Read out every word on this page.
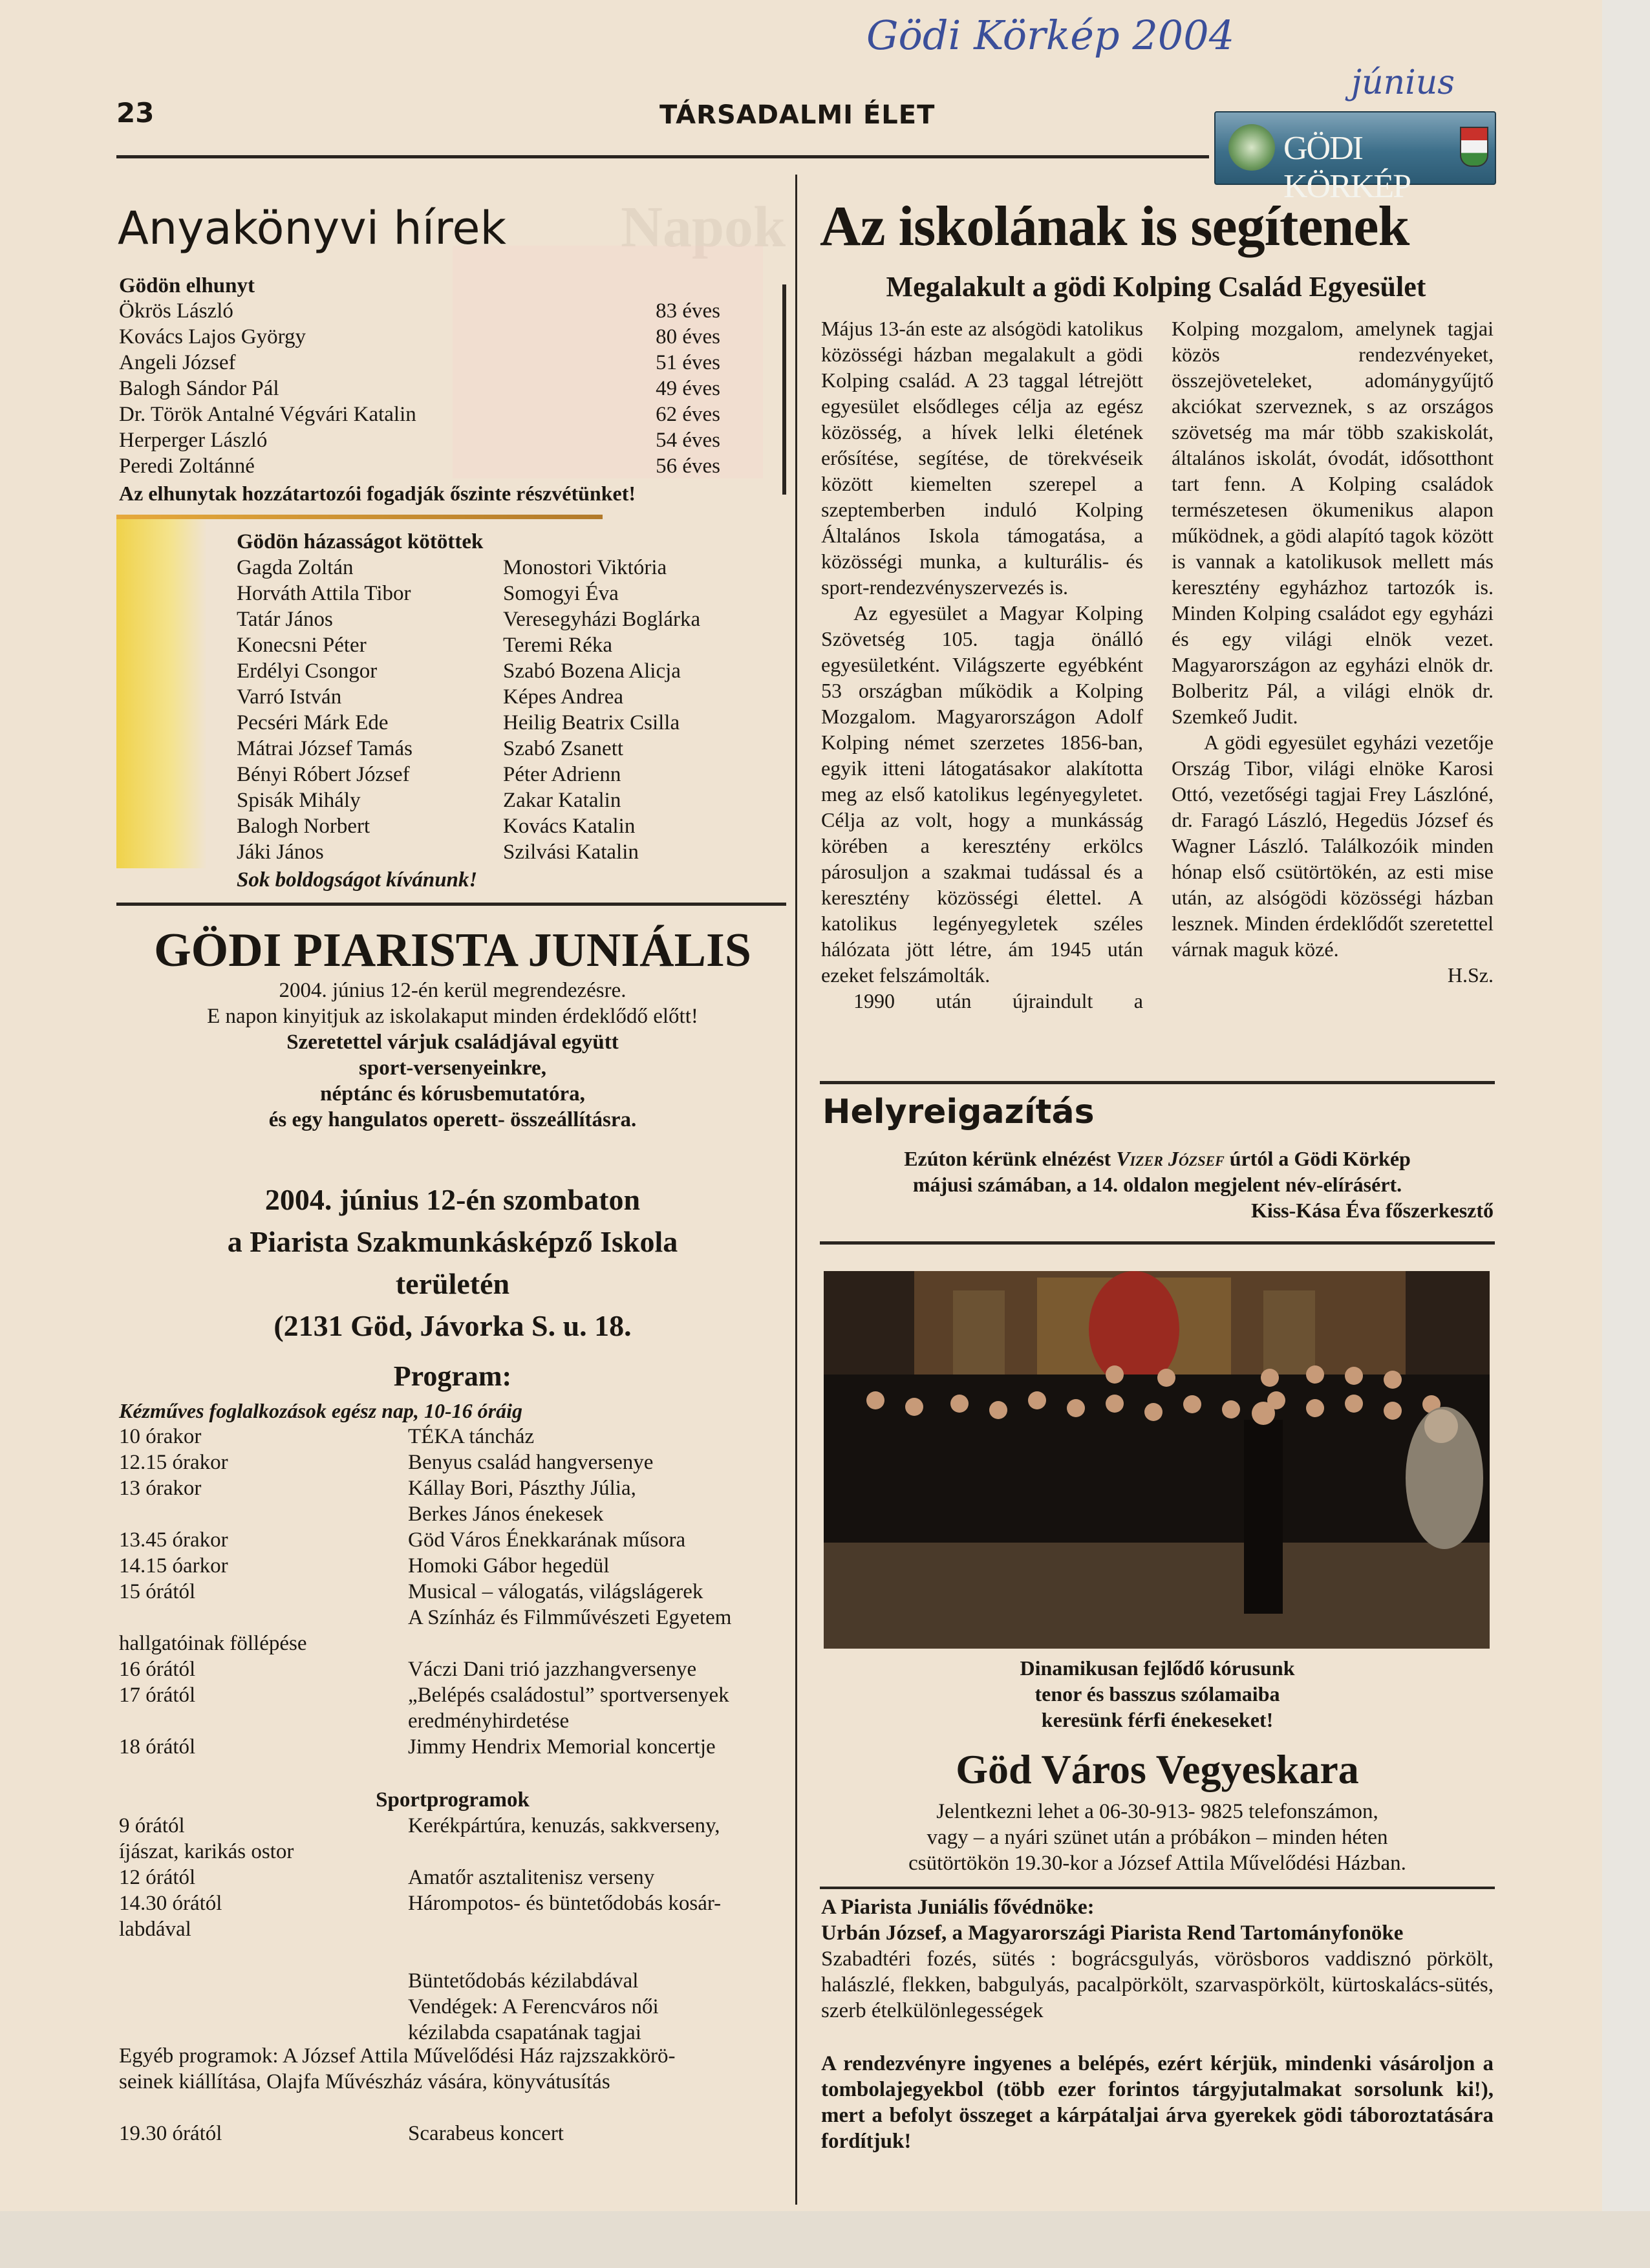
Napok
Gödi Körkép 2004
június
23	TÁRSADALMI ÉLET
GÖDI KÖRKÉP
Anyakönyvi hírek
Gödön elhunyt
Ökrös László	83 éves
Kovács Lajos György	80 éves
Angeli József	51 éves
Balogh Sándor Pál	49 éves
Dr. Török Antalné Végvári Katalin	62 éves
Herperger László	54 éves
Peredi Zoltánné	56 éves
Az elhunytak hozzátartozói fogadják őszinte részvétünket!
Gödön házasságot kötöttek
Gagda Zoltán	Monostori Viktória
Horváth Attila Tibor	Somogyi Éva
Tatár János	Veresegyházi Boglárka
Konecsni Péter	Teremi Réka
Erdélyi Csongor	Szabó Bozena Alicja
Varró István	Képes Andrea
Pecséri Márk Ede	Heilig Beatrix Csilla
Mátrai József Tamás	Szabó Zsanett
Bényi Róbert József	Péter Adrienn
Spisák Mihály	Zakar Katalin
Balogh Norbert	Kovács Katalin
Jáki János	Szilvási Katalin
Sok boldogságot kívánunk!
GÖDI PIARISTA JUNIÁLIS
2004. június 12-én kerül megrendezésre.
E napon kinyitjuk az iskolakaput minden érdeklődő előtt!
Szeretettel várjuk családjával együtt
sport-versenyeinkre,
néptánc és kórusbemutatóra,
és egy hangulatos operett- összeállításra.
2004. június 12-én szombaton
a Piarista Szakmunkásképző Iskola
területén
(2131 Göd, Jávorka S. u. 18.
Program:
Kézműves foglalkozások egész nap, 10-16 óráig
10 órakor	TÉKA táncház
12.15 órakor	Benyus család hangversenye
13 órakor	Kállay Bori, Pászthy Júlia,
Berkes János énekesek
13.45 órakor	Göd Város Énekkarának műsora
14.15 óarkor	Homoki Gábor hegedül
15 órától	Musical – válogatás, világslágerek
A Színház és Filmművészeti Egyetem
hallgatóinak föllépése
16 órától	Váczi Dani trió jazzhangversenye
17 órától	„Belépés családostul” sportversenyek
eredményhirdetése
18 órától	Jimmy Hendrix Memorial koncertje
Sportprogramok
9 órától	Kerékpártúra, kenuzás, sakkverseny,
íjászat, karikás ostor
12 órától	Amatőr asztalitenisz verseny
14.30 órától	Hárompotos- és büntetődobás kosár-
labdával
Büntetődobás kézilabdával
Vendégek: A Ferencváros női
kézilabda csapatának tagjai
Egyéb programok: A József Attila Művelődési Ház rajzszakkörö-
seinek kiállítása, Olajfa Művészház vására, könyvátusítás
19.30 órától	Scarabeus koncert
Az iskolának is segítenek
Megalakult a gödi Kolping Család Egyesület

Május 13-án este az alsógödi katolikus közösségi házban megalakult a gödi Kolping család. A 23 taggal létrejött egyesület elsődleges célja az egész közösség, a hívek lelki életének erősítése, segítése, de törekvéseik között kiemelten szerepel a szeptemberben induló Kolping Általános Iskola támogatása, a közösségi munka, a kulturális- és sport-rendezvényszervezés is.

Az egyesület a Magyar Kolping Szövetség 105. tagja önálló egyesületként. Világszerte egyébként 53 országban működik a Kolping Mozgalom. Magyarországon Adolf Kolping német szerzetes 1856-ban, egyik itteni látogatásakor alakította meg az első katolikus legényegyletet. Célja az volt, hogy a munkásság körében a keresztény erkölcs párosuljon a szakmai tudással és a keresztény közösségi élettel. A katolikus legényegyletek széles hálózata jött létre, ám 1945 után ezeket felszámolták.

1990 után újraindult a

Kolping mozgalom, amelynek tagjai közös rendezvényeket, összejöveteleket, adománygyűjtő akciókat szerveznek, s az országos szövetség ma már több szakiskolát, általános iskolát, óvodát, idősotthont tart fenn. A Kolping családok természetesen ökumenikus alapon működnek, a gödi alapító tagok között is vannak a katolikusok mellett más keresztény egyházhoz tartozók is. Minden Kolping családot egy egyházi és egy világi elnök vezet. Magyarországon az egyházi elnök dr. Bolberitz Pál, a világi elnök dr. Szemkeő Judit.

A gödi egyesület egyházi vezetője Ország Tibor, világi elnöke Karosi Ottó, vezetőségi tagjai Frey Lászlóné, dr. Faragó László, Hegedüs József és Wagner László. Találkozóik minden hónap első csütörtökén, az esti mise után, az alsógödi közösségi házban lesznek. Minden érdeklődőt szeretettel várnak maguk közé.

H.Sz.

Helyreigazítás
Ezúton kérünk elnézést Vizer József úrtól a Gödi Körkép
májusi számában, a 14. oldalon megjelent név-elírásért.
Kiss-Kása Éva főszerkesztő
Dinamikusan fejlődő kórusunk
tenor és basszus szólamaiba
keresünk férfi énekeseket!
Göd Város Vegyeskara
Jelentkezni lehet a 06-30-913- 9825 telefonszámon,
vagy – a nyári szünet után a próbákon – minden héten
csütörtökön 19.30-kor a József Attila Művelődési Házban.
A Piarista Juniális fővédnöke:
Urbán József, a Magyarországi Piarista Rend Tartományfonöke
Szabadtéri fozés, sütés : bográcsgulyás, vörösboros vaddisznó pörkölt, halászlé, flekken, babgulyás, pacalpörkölt, szarvaspörkölt, kürtoskalács-sütés, szerb ételkülönlegességek
A rendezvényre ingyenes a belépés, ezért kérjük, mindenki vásároljon a tombolajegyekbol (több ezer forintos tárgyjutalmakat sorsolunk ki!), mert a befolyt összeget a kárpátaljai árva gyerekek gödi táboroztatására fordítjuk!
